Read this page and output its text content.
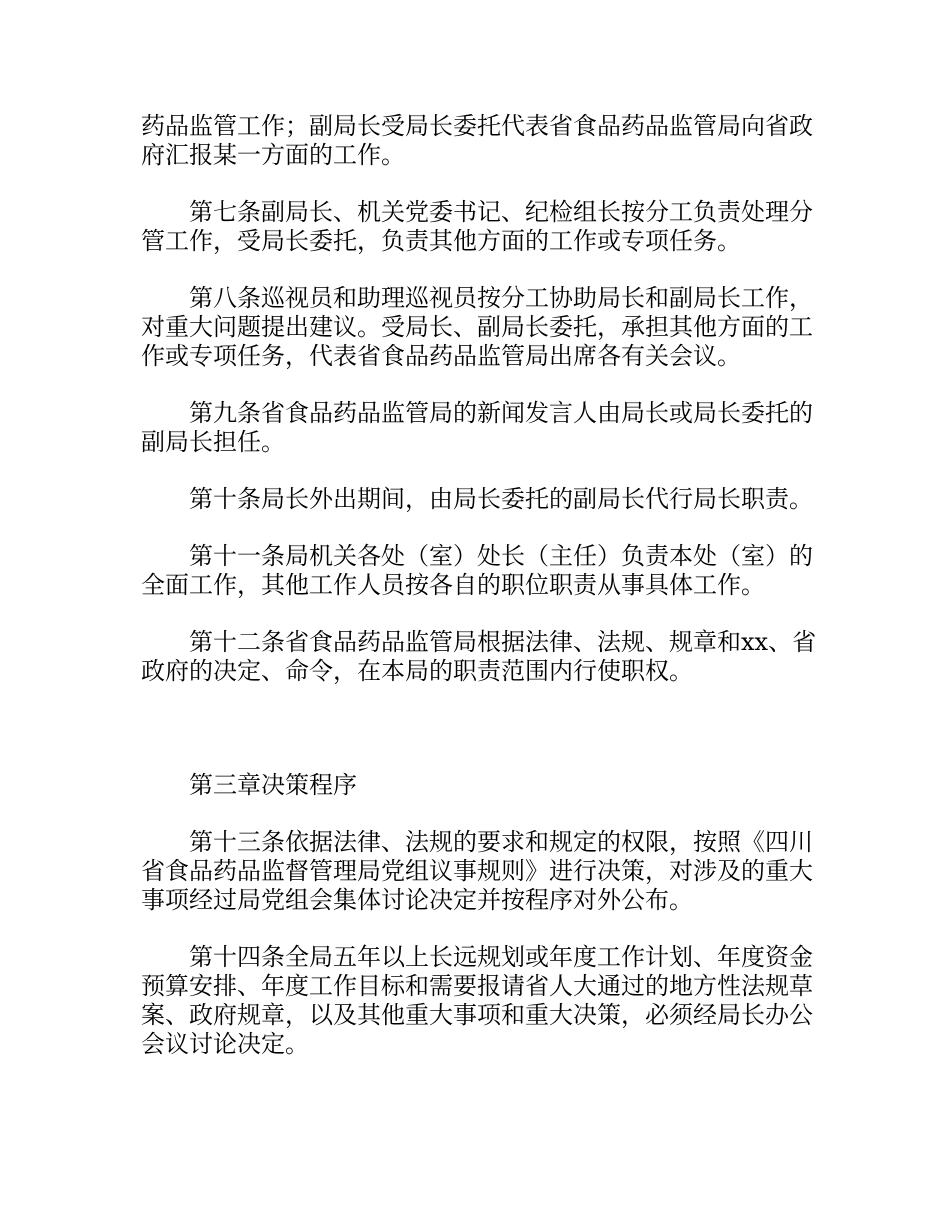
药品监管工作；副局长受局长委托代表省食品药品监管局向省政府汇报某一方面的工作。

第七条副局长、机关党委书记、纪检组长按分工负责处理分管工作，受局长委托，负责其他方面的工作或专项任务。

第八条巡视员和助理巡视员按分工协助局长和副局长工作，对重大问题提出建议。受局长、副局长委托，承担其他方面的工作或专项任务，代表省食品药品监管局出席各有关会议。

第九条省食品药品监管局的新闻发言人由局长或局长委托的副局长担任。

第十条局长外出期间，由局长委托的副局长代行局长职责。

第十一条局机关各处（室）处长（主任）负责本处（室）的全面工作，其他工作人员按各自的职位职责从事具体工作。

第十二条省食品药品监管局根据法律、法规、规章和xx、省政府的决定、命令，在本局的职责范围内行使职权。

第三章决策程序

第十三条依据法律、法规的要求和规定的权限，按照《四川省食品药品监督管理局党组议事规则》进行决策，对涉及的重大事项经过局党组会集体讨论决定并按程序对外公布。

第十四条全局五年以上长远规划或年度工作计划、年度资金预算安排、年度工作目标和需要报请省人大通过的地方性法规草案、政府规章，以及其他重大事项和重大决策，必须经局长办公会议讨论决定。
